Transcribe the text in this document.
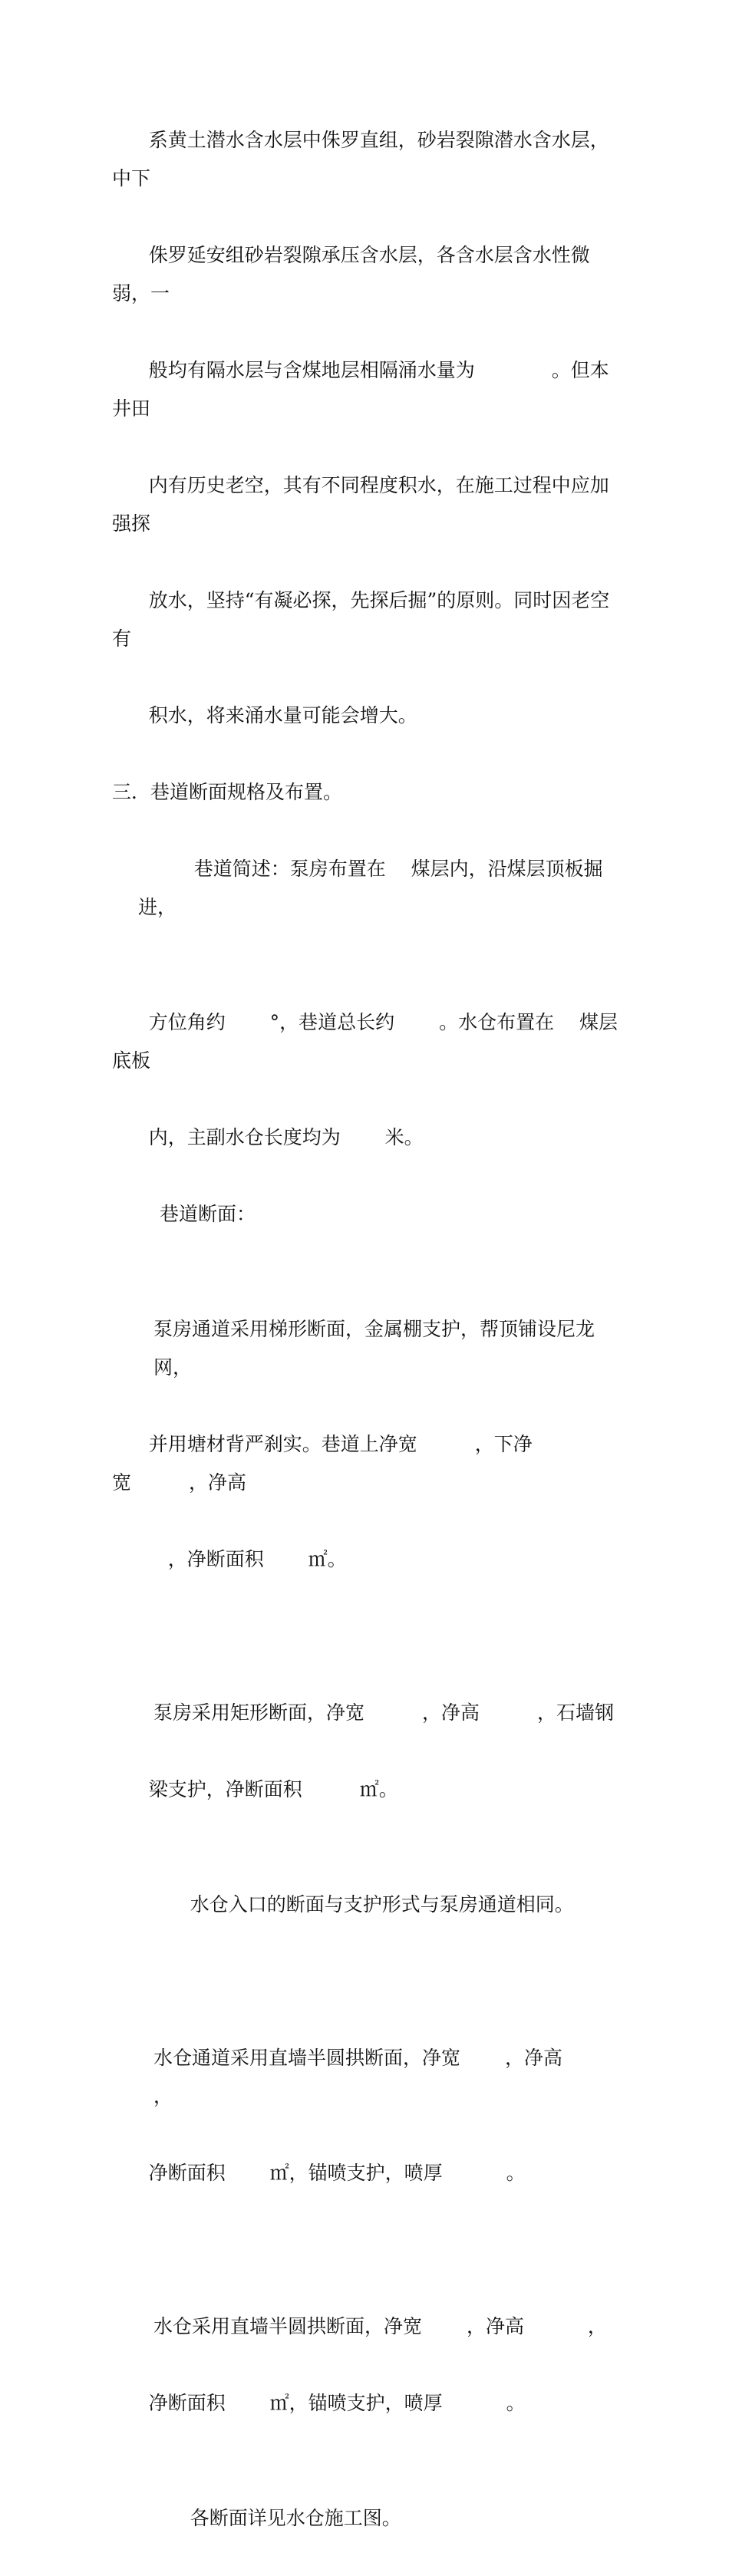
系黄土潜水含水层中侏罗直组，砂岩裂隙潜水含水层，中下

侏罗延安组砂岩裂隙承压含水层，各含水层含水性微弱，一

般均有隔水层与含煤地层相隔涌水量为　　　　。但本井田

内有历史老空，其有不同程度积水，在施工过程中应加强探

放水，坚持“有凝必探，先探后掘”的原则。同时因老空有

积水，将来涌水量可能会增大。

三．巷道断面规格及布置。

　巷道简述：泵房布置在　 煤层内，沿煤层顶板掘进，

方位角约　　 °，巷道总长约　　 。水仓布置在　 煤层底板

内，主副水仓长度均为　　 米。

巷道断面：

泵房通道采用梯形断面，金属棚支护，帮顶铺设尼龙网，

并用塘材背严刹实。巷道上净宽　　　，下净宽　　　，净高

　，净断面积　　 ㎡。

泵房采用矩形断面，净宽　　　，净高　　　，石墙钢

梁支护，净断面积　　　㎡。

水仓入口的断面与支护形式与泵房通道相同。

水仓通道采用直墙半圆拱断面，净宽　　 ，净高　　　 ，

净断面积　　 ㎡，锚喷支护，喷厚　　　 。

水仓采用直墙半圆拱断面，净宽　　 ，净高　　　 ，

净断面积　　 ㎡，锚喷支护，喷厚　　　 。

各断面详见水仓施工图。
